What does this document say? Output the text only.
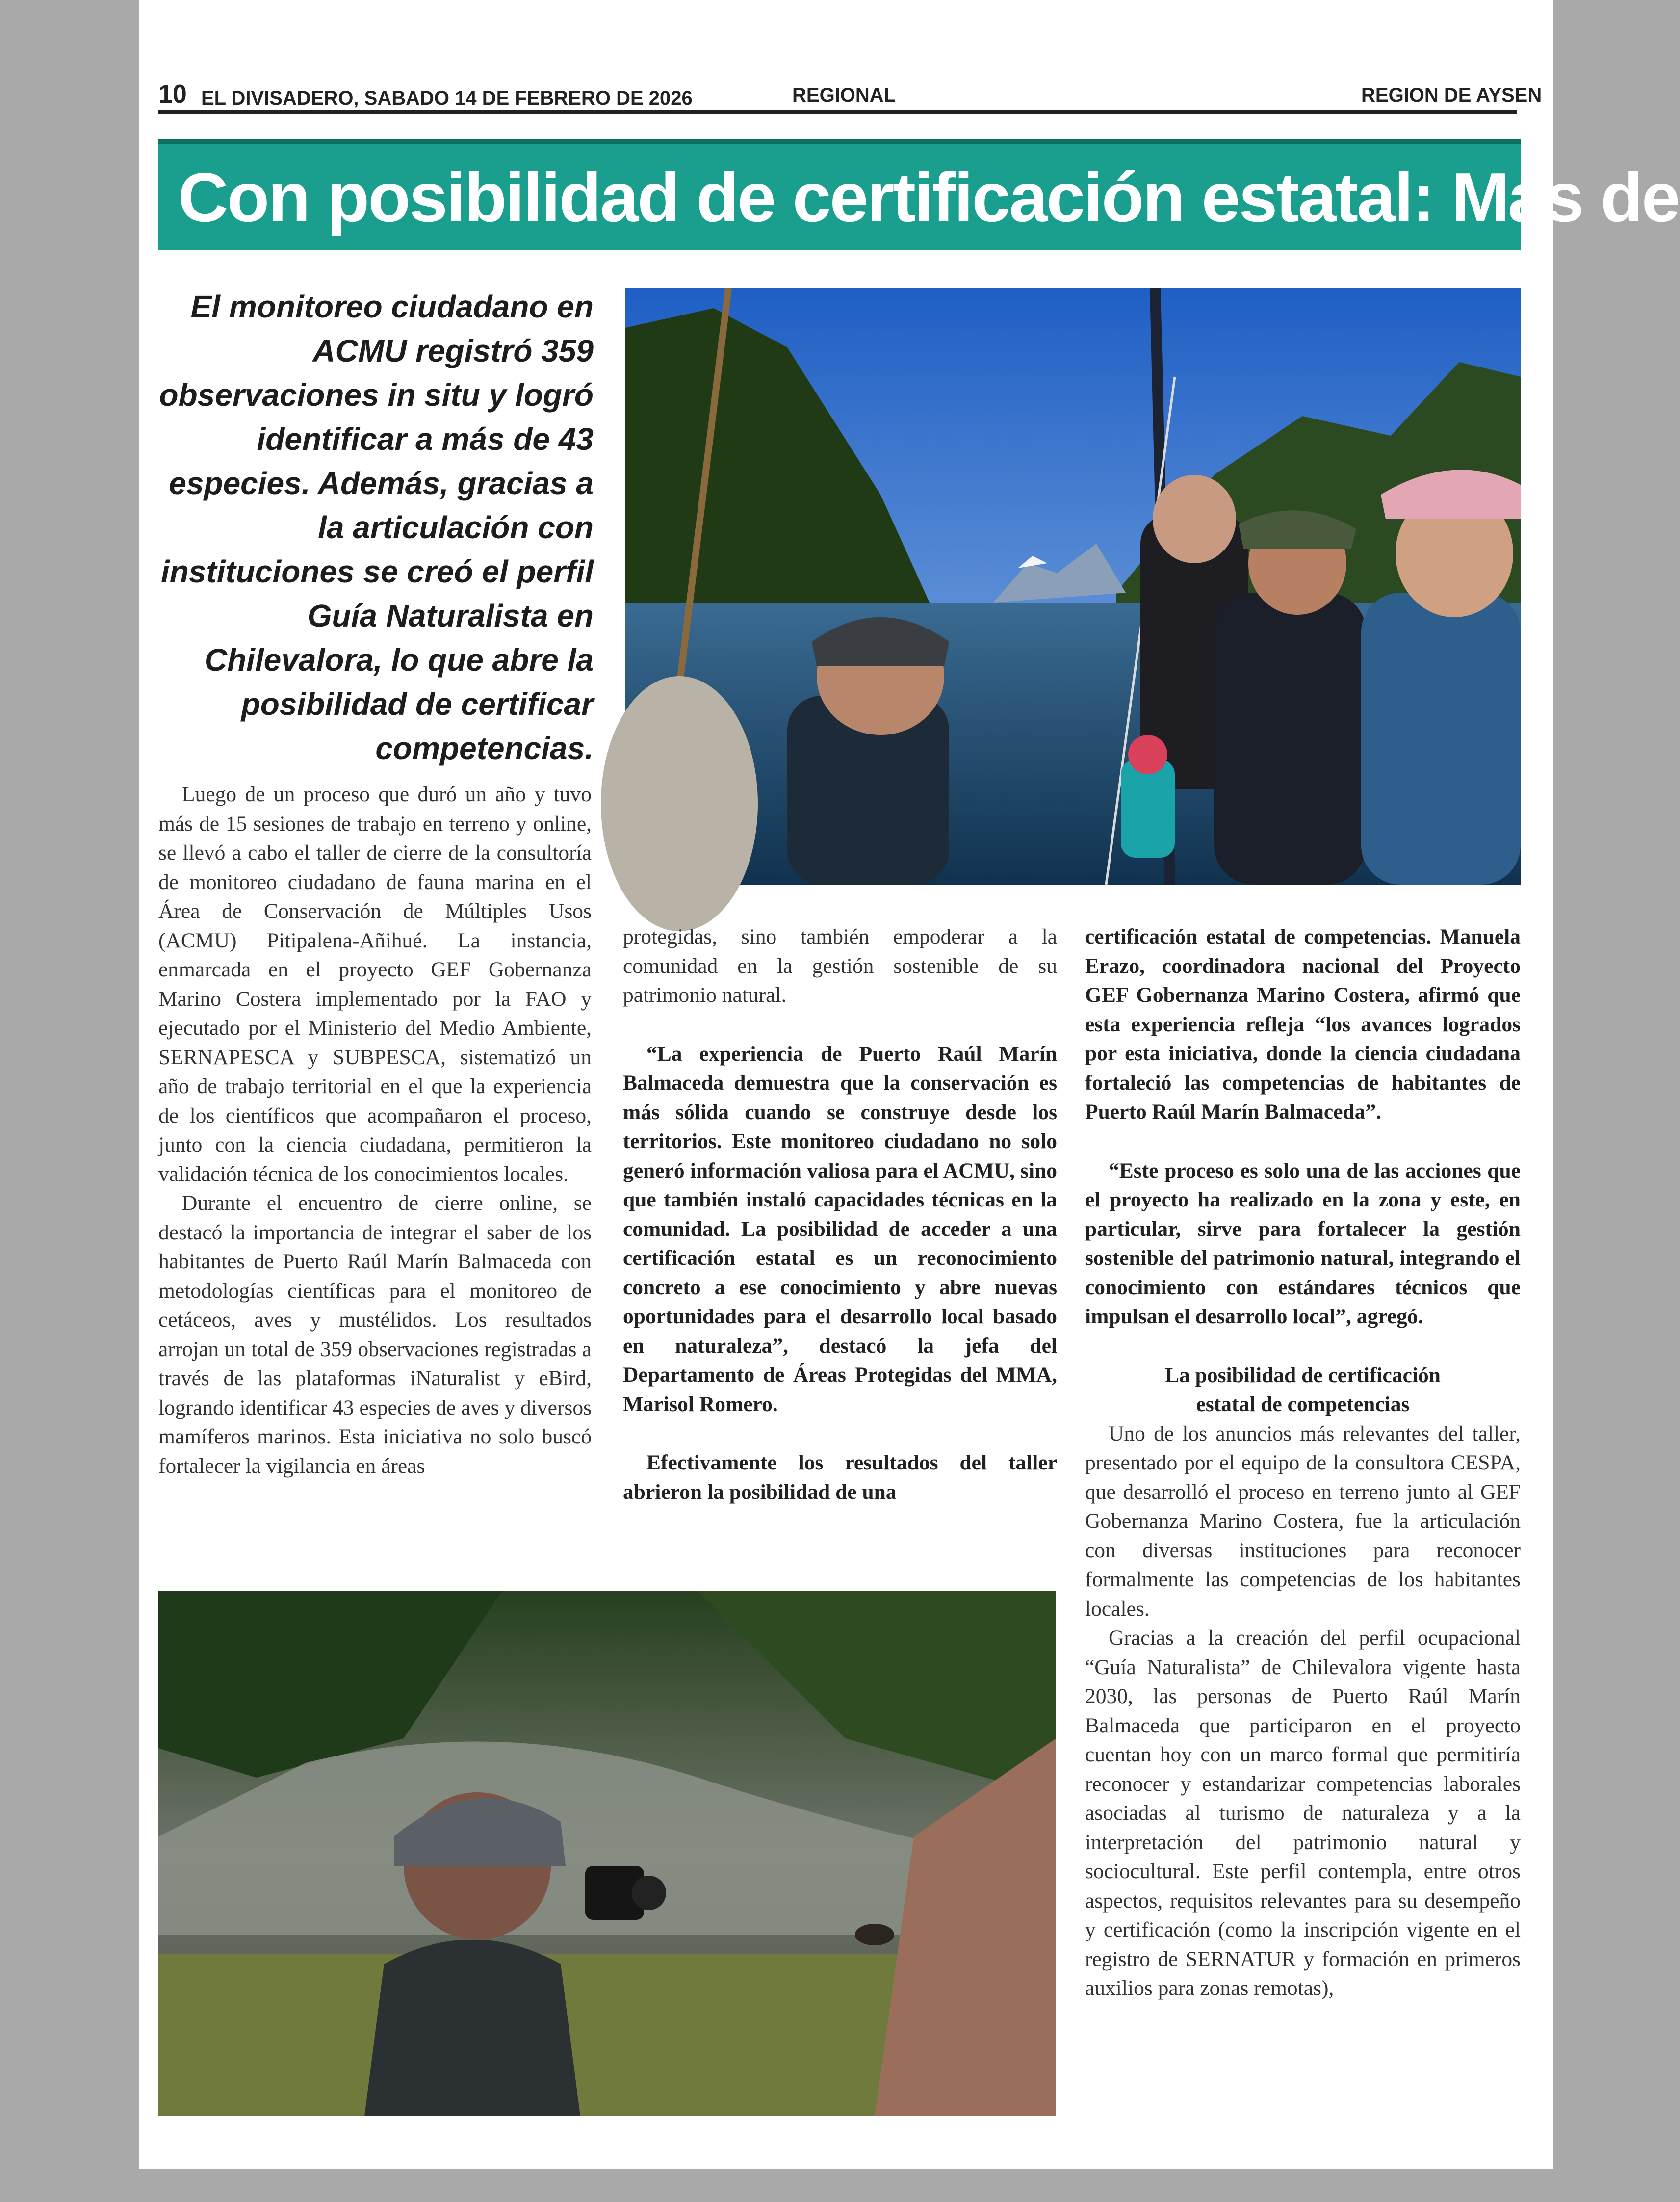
10 EL DIVISADERO, SABADO 14 DE FEBRERO DE 2026	REGIONAL	REGION DE AYSEN
Con posibilidad de certificación estatal: Más de
El monitoreo ciudadano en ACMU registró 359 observaciones in situ y logró identificar a más de 43 especies. Además, gracias a la articulación con instituciones se creó el perfil Guía Naturalista en Chilevalora, lo que abre la posibilidad de certificar competencias.

Luego de un proceso que duró un año y tuvo más de 15 sesiones de trabajo en terreno y online, se llevó a cabo el taller de cierre de la consultoría de monitoreo ciudadano de fauna marina en el Área de Conservación de Múltiples Usos (ACMU) Pitipalena-Añihué. La instancia, enmarcada en el proyecto GEF Gobernanza Marino Costera implementado por la FAO y ejecutado por el Ministerio del Medio Ambiente, SERNAPESCA y SUBPESCA, sistematizó un año de trabajo territorial en el que la experiencia de los científicos que acompañaron el proceso, junto con la ciencia ciudadana, permitieron la validación técnica de los conocimientos locales.

Durante el encuentro de cierre online, se destacó la importancia de integrar el saber de los habitantes de Puerto Raúl Marín Balmaceda con metodologías científicas para el monitoreo de cetáceos, aves y mustélidos. Los resultados arrojan un total de 359 observaciones registradas a través de las plataformas iNaturalist y eBird, logrando identificar 43 especies de aves y diversos mamíferos marinos. Esta iniciativa no solo buscó fortalecer la vigilancia en áreas

protegidas, sino también empoderar a la comunidad en la gestión sostenible de su patrimonio natural.

“La experiencia de Puerto Raúl Marín Balmaceda demuestra que la conservación es más sólida cuando se construye desde los territorios. Este monitoreo ciudadano no solo generó información valiosa para el ACMU, sino que también instaló capacidades técnicas en la comunidad. La posibilidad de acceder a una certificación estatal es un reconocimiento concreto a ese conocimiento y abre nuevas oportunidades para el desarrollo local basado en naturaleza”, destacó la jefa del Departamento de Áreas Protegidas del MMA, Marisol Romero.

Efectivamente los resultados del taller abrieron la posibilidad de una

certificación estatal de competencias. Manuela Erazo, coordinadora nacional del Proyecto GEF Gobernanza Marino Costera, afirmó que esta experiencia refleja “los avances logrados por esta iniciativa, donde la ciencia ciudadana fortaleció las competencias de habitantes de Puerto Raúl Marín Balmaceda”.

“Este proceso es solo una de las acciones que el proyecto ha realizado en la zona y este, en particular, sirve para fortalecer la gestión sostenible del patrimonio natural, integrando el conocimiento con estándares técnicos que impulsan el desarrollo local”, agregó.

La posibilidad de certificación
estatal de competencias

Uno de los anuncios más relevantes del taller, presentado por el equipo de la consultora CESPA, que desarrolló el proceso en terreno junto al GEF Gobernanza Marino Costera, fue la articulación con diversas instituciones para reconocer formalmente las competencias de los habitantes locales.

Gracias a la creación del perfil ocupacional “Guía Naturalista” de Chilevalora vigente hasta 2030, las personas de Puerto Raúl Marín Balmaceda que participaron en el proyecto cuentan hoy con un marco formal que permitiría reconocer y estandarizar competencias laborales asociadas al turismo de naturaleza y a la interpretación del patrimonio natural y sociocultural. Este perfil contempla, entre otros aspectos, requisitos relevantes para su desempeño y certificación (como la inscripción vigente en el registro de SERNATUR y formación en primeros auxilios para zonas remotas),
